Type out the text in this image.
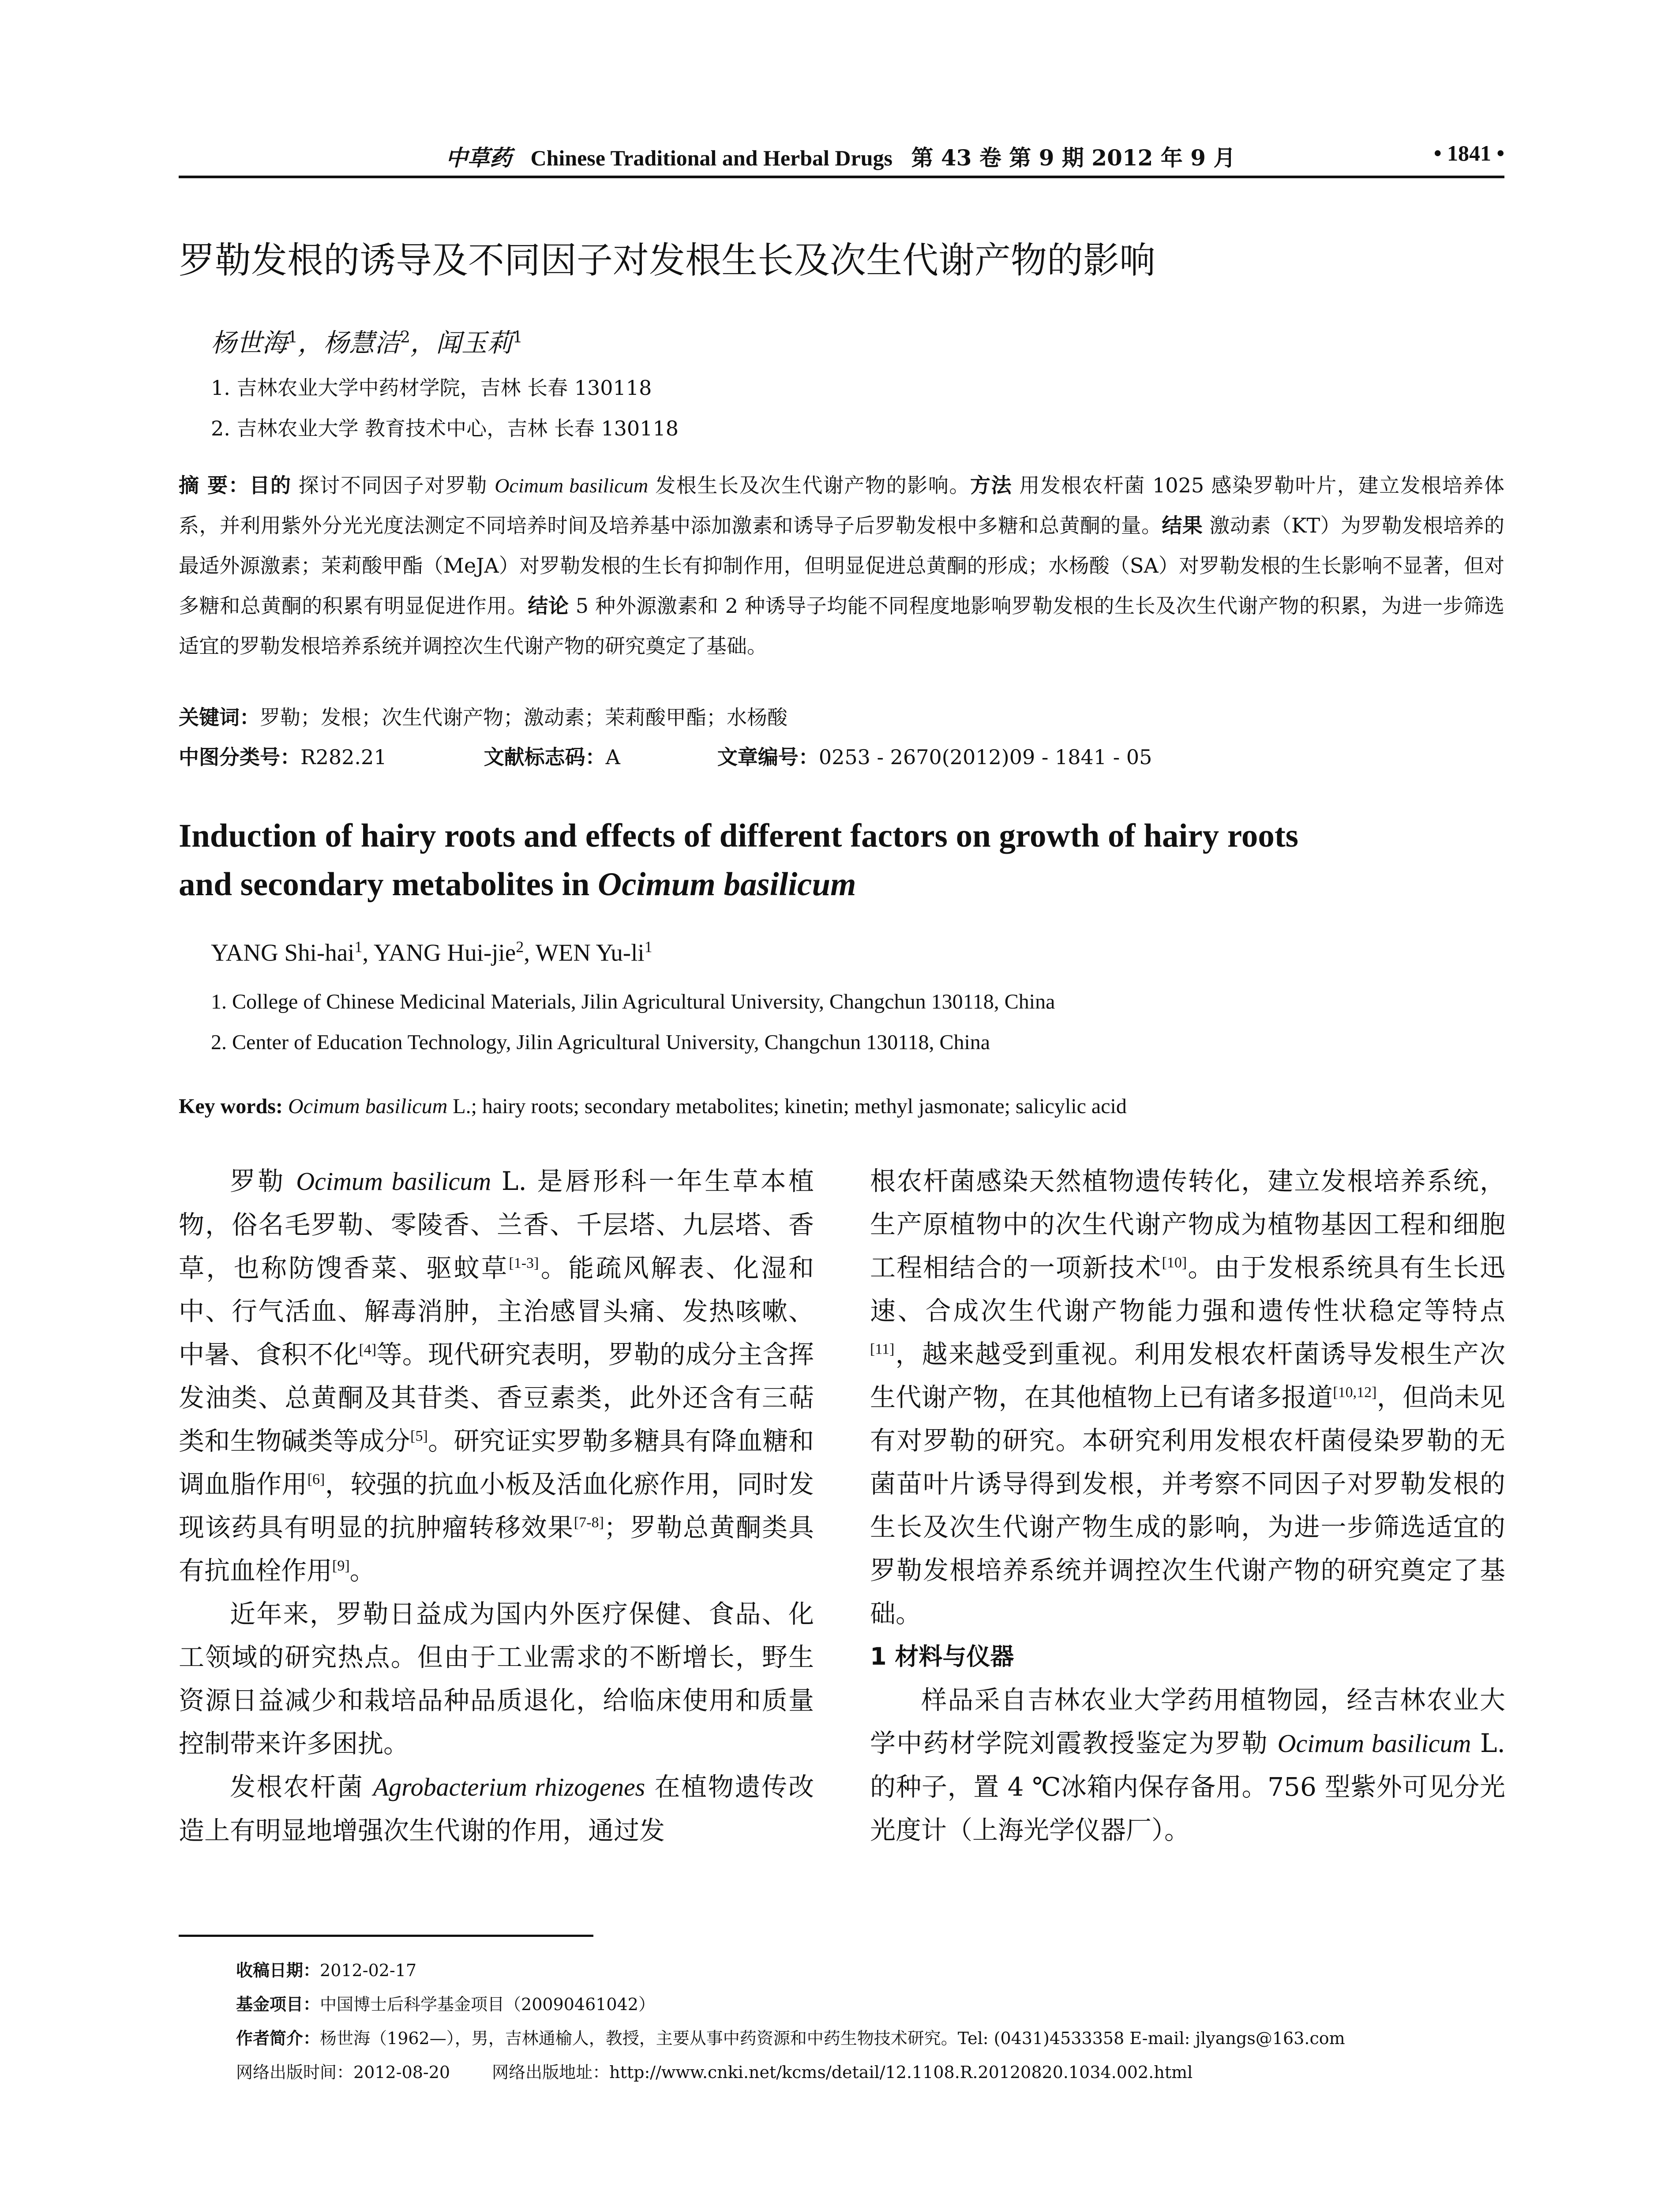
中草药 Chinese Traditional and Herbal Drugs 第 43 卷 第 9 期 2012 年 9 月	• 1841 •
罗勒发根的诱导及不同因子对发根生长及次生代谢产物的影响
杨世海$^1$，杨慧洁$^2$，闻玉莉$^1$
1. 吉林农业大学中药材学院，吉林 长春 130118
2. 吉林农业大学 教育技术中心，吉林 长春 130118
摘 要：目的 探讨不同因子对罗勒 Ocimum basilicum 发根生长及次生代谢产物的影响。方法 用发根农杆菌 1025 感染罗勒叶片，建立发根培养体系，并利用紫外分光光度法测定不同培养时间及培养基中添加激素和诱导子后罗勒发根中多糖和总黄酮的量。结果 激动素（KT）为罗勒发根培养的最适外源激素；茉莉酸甲酯（MeJA）对罗勒发根的生长有抑制作用，但明显促进总黄酮的形成；水杨酸（SA）对罗勒发根的生长影响不显著，但对多糖和总黄酮的积累有明显促进作用。结论 5 种外源激素和 2 种诱导子均能不同程度地影响罗勒发根的生长及次生代谢产物的积累，为进一步筛选适宜的罗勒发根培养系统并调控次生代谢产物的研究奠定了基础。
关键词：罗勒；发根；次生代谢产物；激动素；茉莉酸甲酯；水杨酸
中图分类号：R282.21	文献标志码：A	文章编号：0253 - 2670(2012)09 - 1841 - 05
Induction of hairy roots and effects of different factors on growth of hairy roots
and secondary metabolites in Ocimum basilicum
YANG Shi-hai$^1$, YANG Hui-jie$^2$, WEN $Yu-li^1$
1. College of Chinese Medicinal Materials, Jilin Agricultural University, Changchun 130118, China
2. Center of Education Technology, Jilin Agricultural University, Changchun 130118, China
Key words: Ocimum basilicum L.; hairy roots; secondary metabolites; kinetin; methyl jasmonate; salicylic acid

罗勒 Ocimum basilicum L. 是唇形科一年生草本植物，俗名毛罗勒、零陵香、兰香、千层塔、九层塔、香草，也称防馊香菜、驱蚊草[1-3]。能疏风解表、化湿和中、行气活血、解毒消肿，主治感冒头痛、发热咳嗽、中暑、食积不化[4]等。现代研究表明，罗勒的成分主含挥发油类、总黄酮及其苷类、香豆素类，此外还含有三萜类和生物碱类等成分[5]。研究证实罗勒多糖具有降血糖和调血脂作用[6]，较强的抗血小板及活血化瘀作用，同时发现该药具有明显的抗肿瘤转移效果[7-8]；罗勒总黄酮类具有抗血栓作用[9]。

近年来，罗勒日益成为国内外医疗保健、食品、化工领域的研究热点。但由于工业需求的不断增长，野生资源日益减少和栽培品种品质退化，给临床使用和质量控制带来许多困扰。

发根农杆菌 Agrobacterium rhizogenes 在植物遗传改造上有明显地增强次生代谢的作用，通过发

根农杆菌感染天然植物遗传转化，建立发根培养系统，生产原植物中的次生代谢产物成为植物基因工程和细胞工程相结合的一项新技术[10]。由于发根系统具有生长迅速、合成次生代谢产物能力强和遗传性状稳定等特点[11]，越来越受到重视。利用发根农杆菌诱导发根生产次生代谢产物，在其他植物上已有诸多报道[10,12]，但尚未见有对罗勒的研究。本研究利用发根农杆菌侵染罗勒的无菌苗叶片诱导得到发根，并考察不同因子对罗勒发根的生长及次生代谢产物生成的影响，为进一步筛选适宜的罗勒发根培养系统并调控次生代谢产物的研究奠定了基础。

1 材料与仪器

样品采自吉林农业大学药用植物园，经吉林农业大学中药材学院刘霞教授鉴定为罗勒 Ocimum basilicum L. 的种子，置 4 ℃冰箱内保存备用。756 型紫外可见分光光度计（上海光学仪器厂）。

收稿日期：2012-02-17
基金项目：中国博士后科学基金项目（20090461042）
作者简介：杨世海（1962—），男，吉林通榆人，教授，主要从事中药资源和中药生物技术研究。Tel: (0431)4533358 E-mail: jlyangs@163.com
网络出版时间：2012-08-20	网络出版地址：http://www.cnki.net/kcms/detail/12.1108.R.20120820.1034.002.html
